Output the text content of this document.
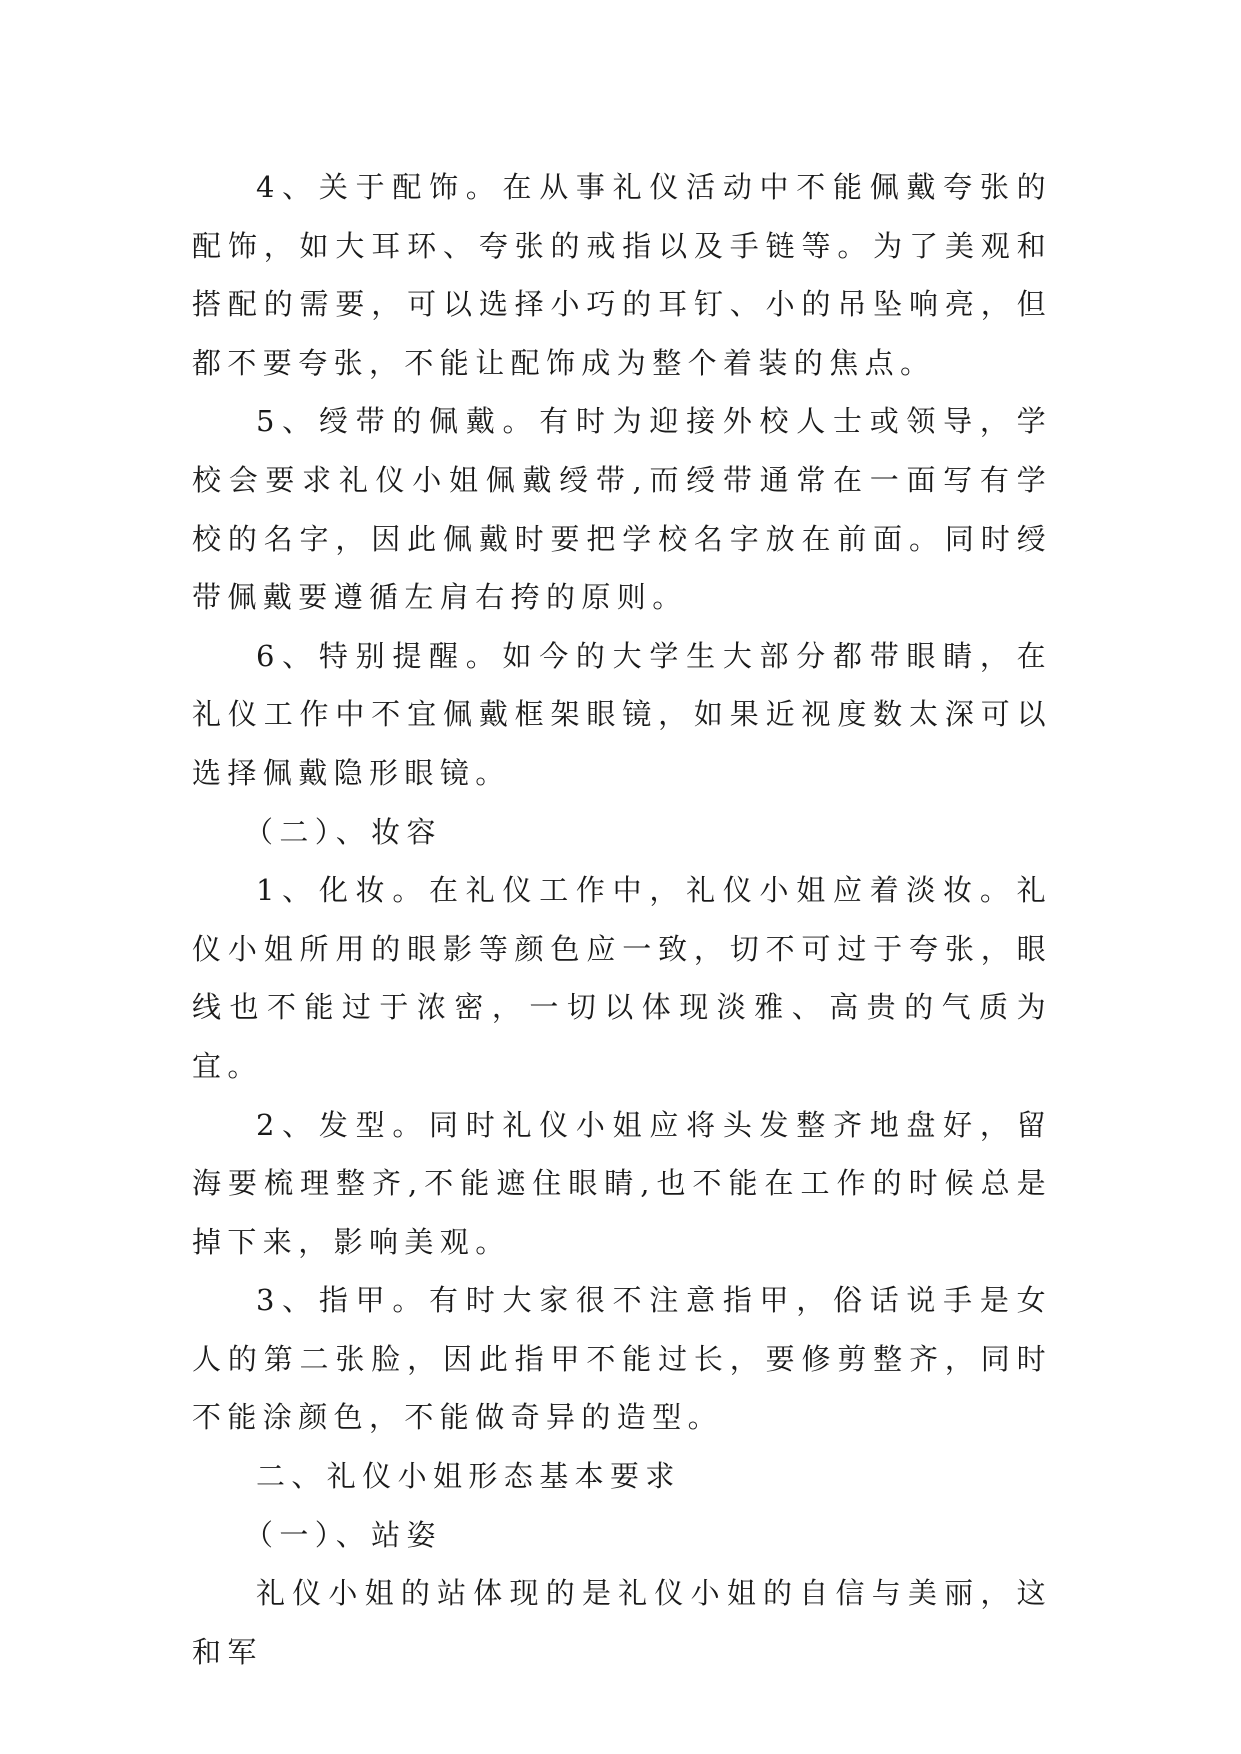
4、关于配饰。在从事礼仪活动中不能佩戴夸张的配饰，如大耳环、夸张的戒指以及手链等。为了美观和搭配的需要，可以选择小巧的耳钉、小的吊坠响亮，但都不要夸张，不能让配饰成为整个着装的焦点。

5、绶带的佩戴。有时为迎接外校人士或领导，学校会要求礼仪小姐佩戴绶带,而绶带通常在一面写有学校的名字，因此佩戴时要把学校名字放在前面。同时绶带佩戴要遵循左肩右挎的原则。

6、特别提醒。如今的大学生大部分都带眼睛，在礼仪工作中不宜佩戴框架眼镜，如果近视度数太深可以选择佩戴隐形眼镜。

（二）、妆容

1、化妆。在礼仪工作中，礼仪小姐应着淡妆。礼仪小姐所用的眼影等颜色应一致，切不可过于夸张，眼线也不能过于浓密，一切以体现淡雅、高贵的气质为宜。

2、发型。同时礼仪小姐应将头发整齐地盘好，留海要梳理整齐,不能遮住眼睛,也不能在工作的时候总是掉下来，影响美观。

3、指甲。有时大家很不注意指甲，俗话说手是女人的第二张脸，因此指甲不能过长，要修剪整齐，同时不能涂颜色，不能做奇异的造型。

二、礼仪小姐形态基本要求

（一）、站姿

礼仪小姐的站体现的是礼仪小姐的自信与美丽，这和军
